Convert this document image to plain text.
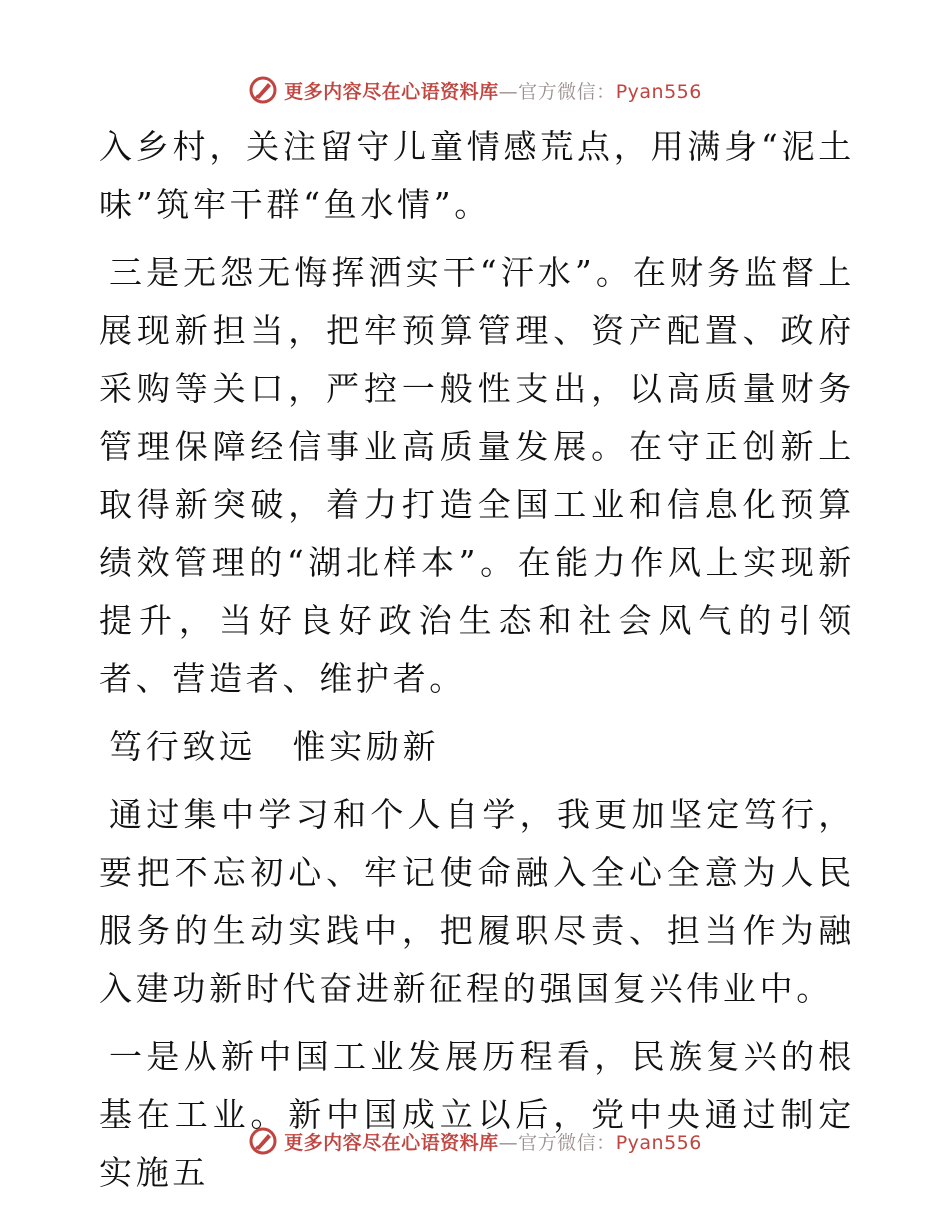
更多内容尽在心语资料库—官方微信：Pyan556

入乡村，关注留守儿童情感荒点，用满身“泥土味”筑牢干群“鱼水情”。

三是无怨无悔挥洒实干“汗水”。在财务监督上展现新担当，把牢预算管理、资产配置、政府采购等关口，严控一般性支出，以高质量财务管理保障经信事业高质量发展。在守正创新上取得新突破，着力打造全国工业和信息化预算绩效管理的“湖北样本”。在能力作风上实现新提升，当好良好政治生态和社会风气的引领者、营造者、维护者。

笃行致远　惟实励新

通过集中学习和个人自学，我更加坚定笃行，要把不忘初心、牢记使命融入全心全意为人民服务的生动实践中，把履职尽责、担当作为融入建功新时代奋进新征程的强国复兴伟业中。

一是从新中国工业发展历程看，民族复兴的根基在工业。新中国成立以后，党中央通过制定实施五

更多内容尽在心语资料库—官方微信：Pyan556
